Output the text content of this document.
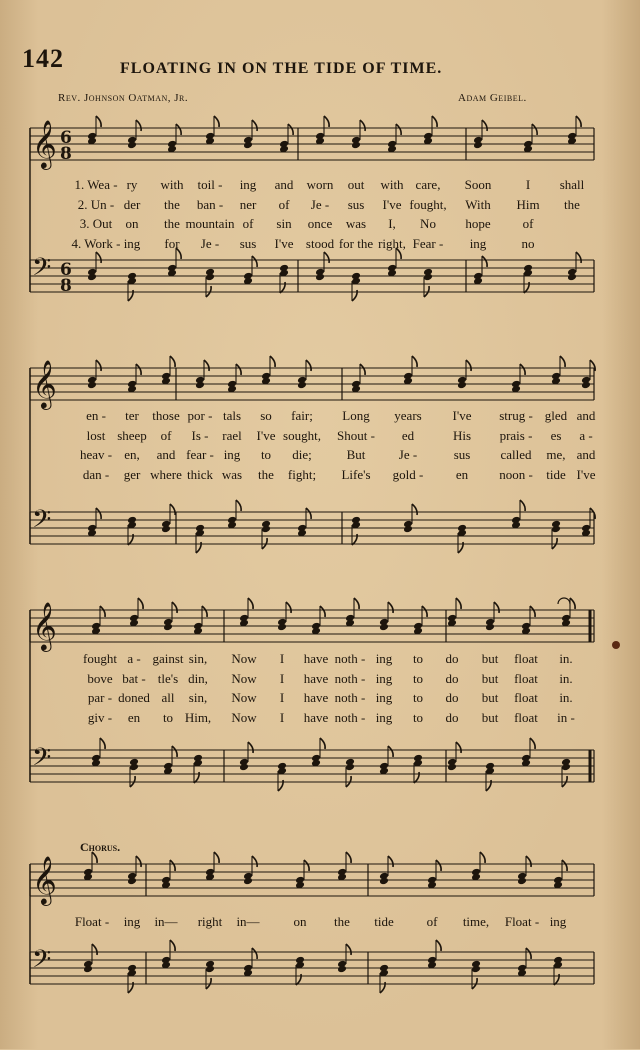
142	FLOATING IN ON THE TIDE OF TIME.
Rev. Johnson Oatman, Jr.	Adam Geibel.
Chorus.
𝄞
𝄢
6
8
6
8
𝄞
𝄢
𝄞
𝄢
𝄞
𝄢
1. Wea - ry with toil - ing and worn out with care, Soon	I shall
2. Un - der the ban - ner of Je - sus I've fought, With Him the
3. Out on the mountain of sin once was I, No hope of
4. Work - ing for Je - sus I've stood for the right, Fear - ing	no
en - ter those por - tals so fair; Long years I've strug - gled and
lost sheep of Is - rael I've sought, Shout - ed	His prais - es a -
heav - en, and fear - ing to die;	But	Je -	sus called me, and
dan - ger where thick was the fight; Life's gold -	en noon - tide I've
fought a - gainst sin, Now I have noth - ing to do but float in.
bove bat - tle's din, Now I have noth - ing to do but float in.
par - doned all sin, Now I have noth - ing to do but float in.
giv - en to Him, Now I have noth - ing to do but float in -
Float - ing in— right in—	on the tide	of time, Float - ing
